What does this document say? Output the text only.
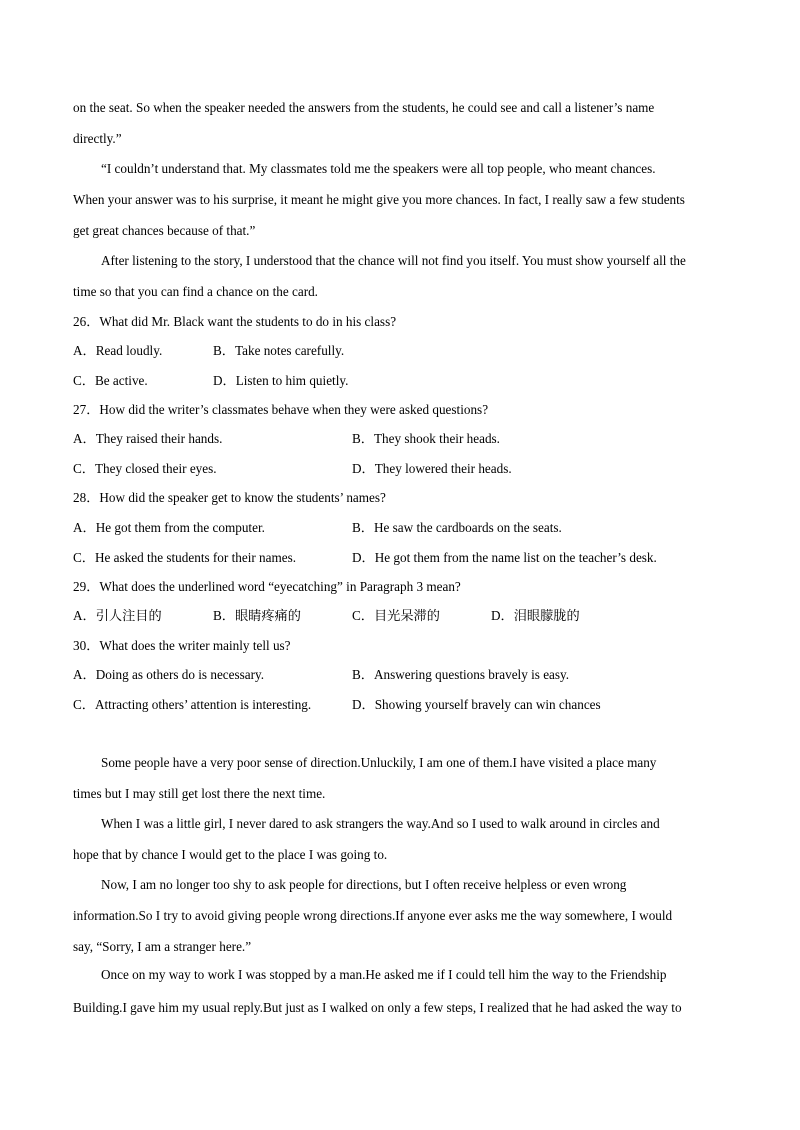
on the seat. So when the speaker needed the answers from the students, he could see and call a listener’s name
directly.”
“I couldn’t understand that. My classmates told me the speakers were all top people, who meant chances.
When your answer was to his surprise, it meant he might give you more chances. In fact, I really saw a few students
get great chances because of that.”
After listening to the story, I understood that the chance will not find you itself. You must show yourself all the
time so that you can find a chance on the card.
26．What did Mr. Black want the students to do in his class?
A．Read loudly.	B．Take notes carefully.
C．Be active.	D．Listen to him quietly.
27．How did the writer’s classmates behave when they were asked questions?
A．They raised their hands.	B．They shook their heads.
C．They closed their eyes.	D．They lowered their heads.
28．How did the speaker get to know the students’ names?
A．He got them from the computer.	B．He saw the cardboards on the seats.
C．He asked the students for their names.	D．He got them from the name list on the teacher’s desk.
29．What does the underlined word “eyecatching” in Paragraph 3 mean?
A．引人注目的	B．眼睛疼痛的	C．目光呆滞的	D．泪眼朦胧的
30．What does the writer mainly tell us?
A．Doing as others do is necessary.	B．Answering questions bravely is easy.
C．Attracting others’ attention is interesting.	D．Showing yourself bravely can win chances
Some people have a very poor sense of direction.Unluckily, I am one of them.I have visited a place many
times but I may still get lost there the next time.
When I was a little girl, I never dared to ask strangers the way.And so I used to walk around in circles and
hope that by chance I would get to the place I was going to.
Now, I am no longer too shy to ask people for directions, but I often receive helpless or even wrong
information.So I try to avoid giving people wrong directions.If anyone ever asks me the way somewhere, I would
say, “Sorry, I am a stranger here.”
Once on my way to work I was stopped by a man.He asked me if I could tell him the way to the Friendship
Building.I gave him my usual reply.But just as I walked on only a few steps, I realized that he had asked the way to
